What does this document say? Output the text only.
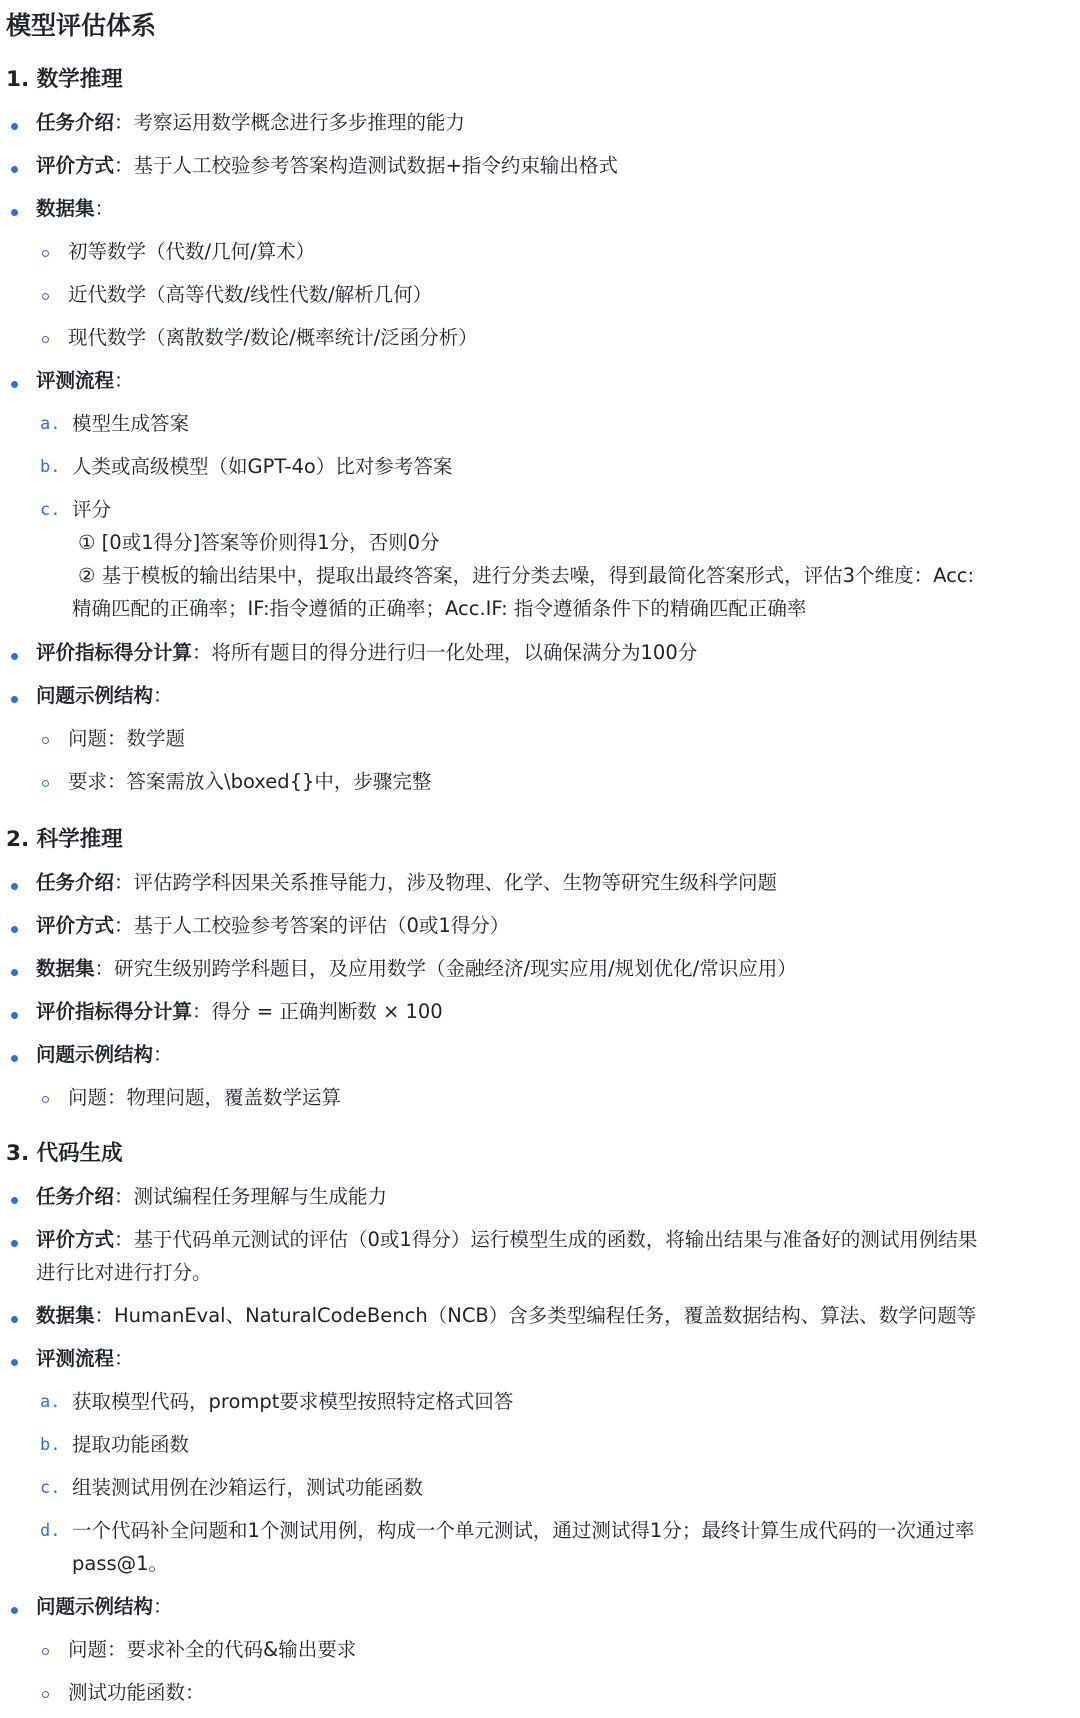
模型评估体系
1. 数学推理
任务介绍：考察运用数学概念进行多步推理的能力
评价方式：基于人工校验参考答案构造测试数据+指令约束输出格式
数据集：
初等数学（代数/几何/算术）
近代数学（高等代数/线性代数/解析几何）
现代数学（离散数学/数论/概率统计/泛函分析）
评测流程：
a. 模型生成答案
b. 人类或高级模型（如GPT-4o）比对参考答案
c. 评分
① [0或1得分]答案等价则得1分，否则0分
② 基于模板的输出结果中，提取出最终答案，进行分类去噪，得到最简化答案形式，评估3个维度：Acc:
精确匹配的正确率；IF:指令遵循的正确率；Acc.IF: 指令遵循条件下的精确匹配正确率
评价指标得分计算：将所有题目的得分进行归一化处理，以确保满分为100分
问题示例结构：
问题：数学题
要求：答案需放入\boxed{}中，步骤完整
2. 科学推理
任务介绍：评估跨学科因果关系推导能力，涉及物理、化学、生物等研究生级科学问题
评价方式：基于人工校验参考答案的评估（0或1得分）
数据集：研究生级别跨学科题目，及应用数学（金融经济/现实应用/规划优化/常识应用）
评价指标得分计算：得分 = 正确判断数 × 100
问题示例结构：
问题：物理问题，覆盖数学运算
3. 代码生成
任务介绍：测试编程任务理解与生成能力
评价方式：基于代码单元测试的评估（0或1得分）运行模型生成的函数，将输出结果与准备好的测试用例结果
进行比对进行打分。
数据集：HumanEval、NaturalCodeBench（NCB）含多类型编程任务，覆盖数据结构、算法、数学问题等
评测流程：
a. 获取模型代码，prompt要求模型按照特定格式回答
b. 提取功能函数
c. 组装测试用例在沙箱运行，测试功能函数
d. 一个代码补全问题和1个测试用例，构成一个单元测试，通过测试得1分；最终计算生成代码的一次通过率
pass@1。
问题示例结构：
问题：要求补全的代码&输出要求
测试功能函数：
